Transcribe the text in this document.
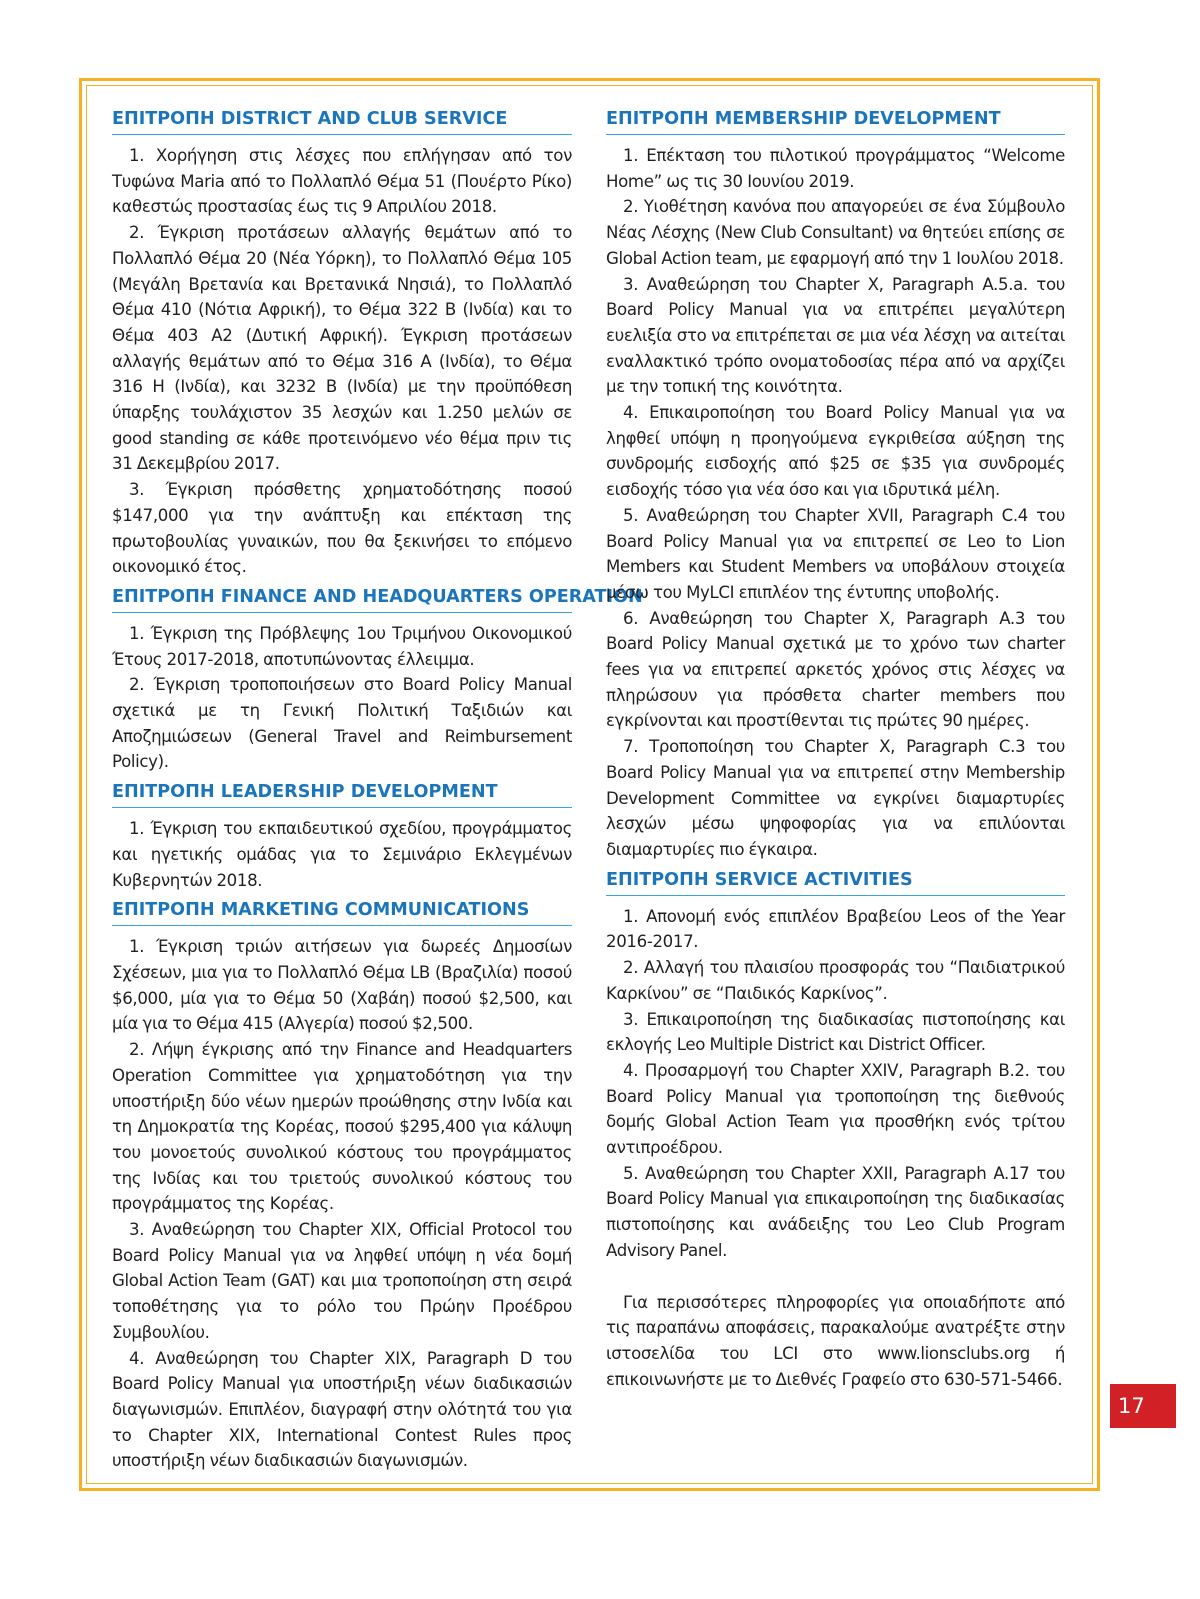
ΕΠΙΤΡΟΠΗ DISTRICT AND CLUB SERVICE

1. Χορήγηση στις λέσχες που επλήγησαν από τον Τυφώνα Maria από το Πολλαπλό Θέμα 51 (Πουέρτο Ρίκο) καθεστώς προστασίας έως τις 9 Απριλίου 2018.

2. Έγκριση προτάσεων αλλαγής θεμάτων από το Πολλαπλό Θέμα 20 (Νέα Υόρκη), το Πολλαπλό Θέμα 105 (Μεγάλη Βρετανία και Βρετανικά Νησιά), το Πολλαπλό Θέμα 410 (Νότια Αφρική), το Θέμα 322 B (Ινδία) και το Θέμα 403 A2 (Δυτική Αφρική). Έγκριση προτάσεων αλλαγής θεμάτων από το Θέμα 316 A (Ινδία), το Θέμα 316 H (Ινδία), και 3232 B (Ινδία) με την προϋπόθεση ύπαρξης τουλάχιστον 35 λεσχών και 1.250 μελών σε good standing σε κάθε προτεινόμενο νέο θέμα πριν τις 31 Δεκεμβρίου 2017.

3. Έγκριση πρόσθετης χρηματοδότησης ποσού $147,000 για την ανάπτυξη και επέκταση της πρωτοβουλίας γυναικών, που θα ξεκινήσει το επόμενο οικονομικό έτος.

ΕΠΙΤΡΟΠΗ FINANCE AND HEADQUARTERS OPERATION

1. Έγκριση της Πρόβλεψης 1ου Τριμήνου Οικονομικού Έτους 2017-2018, αποτυπώνοντας έλλειμμα.

2. Έγκριση τροποποιήσεων στο Board Policy Manual σχετικά με τη Γενική Πολιτική Ταξιδιών και Αποζημιώσεων (General Travel and Reimbursement Policy).

ΕΠΙΤΡΟΠΗ LEADERSHIP DEVELOPMENT

1. Έγκριση του εκπαιδευτικού σχεδίου, προγράμματος και ηγετικής ομάδας για το Σεμινάριο Εκλεγμένων Κυβερνητών 2018.

ΕΠΙΤΡΟΠΗ MARKETING COMMUNICATIONS

1. Έγκριση τριών αιτήσεων για δωρεές Δημοσίων Σχέσεων, μια για το Πολλαπλό Θέμα LB (Βραζιλία) ποσού $6,000, μία για το Θέμα 50 (Χαβάη) ποσού $2,500, και μία για το Θέμα 415 (Αλγερία) ποσού $2,500.

2. Λήψη έγκρισης από την Finance and Headquarters Operation Committee για χρηματοδότηση για την υποστήριξη δύο νέων ημερών προώθησης στην Ινδία και τη Δημοκρατία της Κορέας, ποσού $295,400 για κάλυψη του μονοετούς συνολικού κόστους του προγράμματος της Ινδίας και του τριετούς συνολικού κόστους του προγράμματος της Κορέας.

3. Αναθεώρηση του Chapter XIX, Official Protocol του Board Policy Manual για να ληφθεί υπόψη η νέα δομή Global Action Team (GAT) και μια τροποποίηση στη σειρά τοποθέτησης για το ρόλο του Πρώην Προέδρου Συμβουλίου.

4. Αναθεώρηση του Chapter XIX, Paragraph D του Board Policy Manual για υποστήριξη νέων διαδικασιών διαγωνισμών. Επιπλέον, διαγραφή στην ολότητά του για το Chapter XIX, International Contest Rules προς υποστήριξη νέων διαδικασιών διαγωνισμών.

ΕΠΙΤΡΟΠΗ MEMBERSHIP DEVELOPMENT

1. Επέκταση του πιλοτικού προγράμματος “Welcome Home” ως τις 30 Ιουνίου 2019.

2. Υιοθέτηση κανόνα που απαγορεύει σε ένα Σύμβουλο Νέας Λέσχης (New Club Consultant) να θητεύει επίσης σε Global Action team, με εφαρμογή από την 1 Ιουλίου 2018.

3. Αναθεώρηση του Chapter X, Paragraph A.5.a. του Board Policy Manual για να επιτρέπει μεγαλύτερη ευελιξία στο να επιτρέπεται σε μια νέα λέσχη να αιτείται εναλλακτικό τρόπο ονοματοδοσίας πέρα από να αρχίζει με την τοπική της κοινότητα.

4. Επικαιροποίηση του Board Policy Manual για να ληφθεί υπόψη η προηγούμενα εγκριθείσα αύξηση της συνδρομής εισδοχής από $25 σε $35 για συνδρομές εισδοχής τόσο για νέα όσο και για ιδρυτικά μέλη.

5. Αναθεώρηση του Chapter XVII, Paragraph C.4 του Board Policy Manual για να επιτρεπεί σε Leo to Lion Members και Student Members να υποβάλουν στοιχεία μέσω του MyLCI επιπλέον της έντυπης υποβολής.

6. Αναθεώρηση του Chapter X, Paragraph A.3 του Board Policy Manual σχετικά με το χρόνο των charter fees για να επιτρεπεί αρκετός χρόνος στις λέσχες να πληρώσουν για πρόσθετα charter members που εγκρίνονται και προστίθενται τις πρώτες 90 ημέρες.

7. Τροποποίηση του Chapter X, Paragraph C.3 του Board Policy Manual για να επιτρεπεί στην Membership Development Committee να εγκρίνει διαμαρτυρίες λεσχών μέσω ψηφοφορίας για να επιλύονται διαμαρτυρίες πιο έγκαιρα.

ΕΠΙΤΡΟΠΗ SERVICE ACTIVITIES

1. Απονομή ενός επιπλέον Βραβείου Leos of the Year 2016-2017.

2. Αλλαγή του πλαισίου προσφοράς του “Παιδιατρικού Καρκίνου” σε “Παιδικός Καρκίνος”.

3. Επικαιροποίηση της διαδικασίας πιστοποίησης και εκλογής Leo Multiple District και District Officer.

4. Προσαρμογή του Chapter XXIV, Paragraph B.2. του Board Policy Manual για τροποποίηση της διεθνούς δομής Global Action Team για προσθήκη ενός τρίτου αντιπροέδρου.

5. Αναθεώρηση του Chapter XXII, Paragraph A.17 του Board Policy Manual για επικαιροποίηση της διαδικασίας πιστοποίησης και ανάδειξης του Leo Club Program Advisory Panel.

Για περισσότερες πληροφορίες για οποιαδήποτε από τις παραπάνω αποφάσεις, παρακαλούμε ανατρέξτε στην ιστοσελίδα του LCI στο www.lionsclubs.org ή επικοινωνήστε με το Διεθνές Γραφείο στο 630-571-5466.

17
